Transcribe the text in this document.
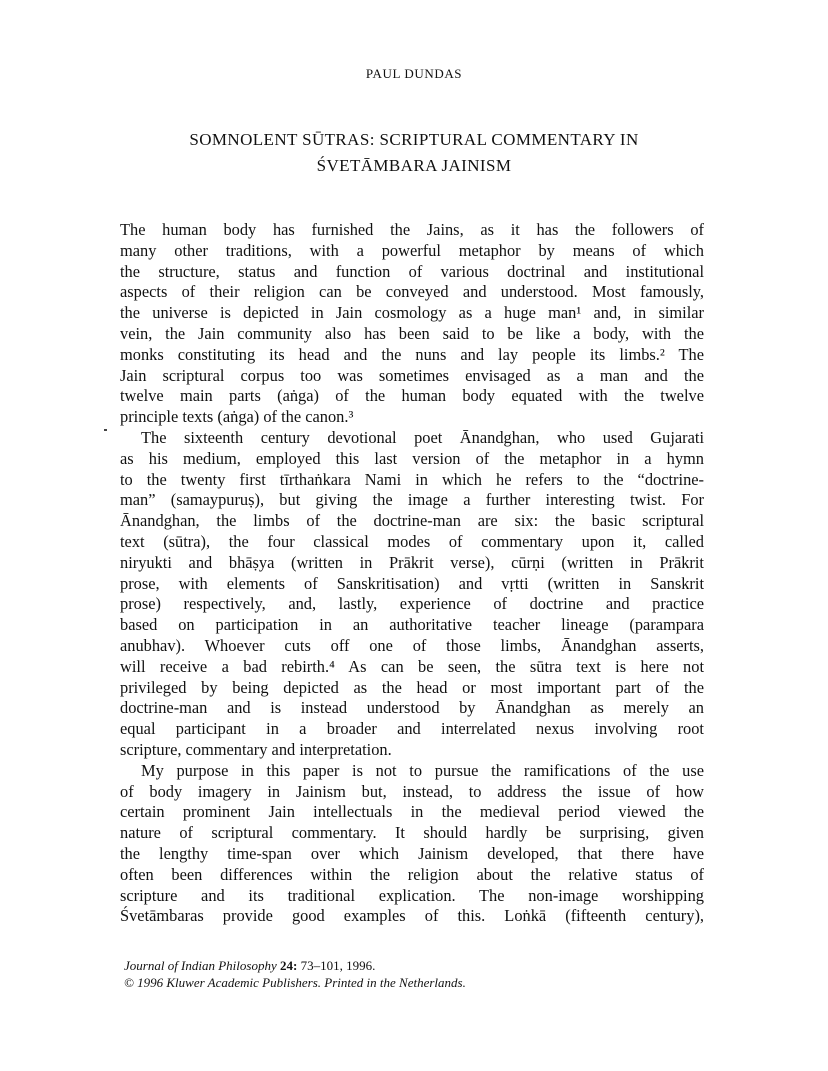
PAUL DUNDAS
SOMNOLENT SŪTRAS: SCRIPTURAL COMMENTARY IN
ŚVETĀMBARA JAINISM
The human body has furnished the Jains, as it has the followers of
many other traditions, with a powerful metaphor by means of which
the structure, status and function of various doctrinal and institutional
aspects of their religion can be conveyed and understood. Most famously,
the universe is depicted in Jain cosmology as a huge man¹ and, in similar
vein, the Jain community also has been said to be like a body, with the
monks constituting its head and the nuns and lay people its limbs.² The
Jain scriptural corpus too was sometimes envisaged as a man and the
twelve main parts (aṅga) of the human body equated with the twelve
principle texts (aṅga) of the canon.³
The sixteenth century devotional poet Ānandghan, who used Gujarati
as his medium, employed this last version of the metaphor in a hymn
to the twenty first tīrthaṅkara Nami in which he refers to the “doctrine-
man” (samaypuruṣ), but giving the image a further interesting twist. For
Ānandghan, the limbs of the doctrine-man are six: the basic scriptural
text (sūtra), the four classical modes of commentary upon it, called
niryukti and bhāṣya (written in Prākrit verse), cūrṇi (written in Prākrit
prose, with elements of Sanskritisation) and vṛtti (written in Sanskrit
prose) respectively, and, lastly, experience of doctrine and practice
based on participation in an authoritative teacher lineage (paramparа
anubhav). Whoever cuts off one of those limbs, Ānandghan asserts,
will receive a bad rebirth.⁴ As can be seen, the sūtra text is here not
privileged by being depicted as the head or most important part of the
doctrine-man and is instead understood by Ānandghan as merely an
equal participant in a broader and interrelated nexus involving root
scripture, commentary and interpretation.
My purpose in this paper is not to pursue the ramifications of the use
of body imagery in Jainism but, instead, to address the issue of how
certain prominent Jain intellectuals in the medieval period viewed the
nature of scriptural commentary. It should hardly be surprising, given
the lengthy time-span over which Jainism developed, that there have
often been differences within the religion about the relative status of
scripture and its traditional explication. The non-image worshipping
Śvetāmbaras provide good examples of this. Loṅkā (fifteenth century),
Journal of Indian Philosophy 24: 73–101, 1996.
© 1996 Kluwer Academic Publishers. Printed in the Netherlands.
